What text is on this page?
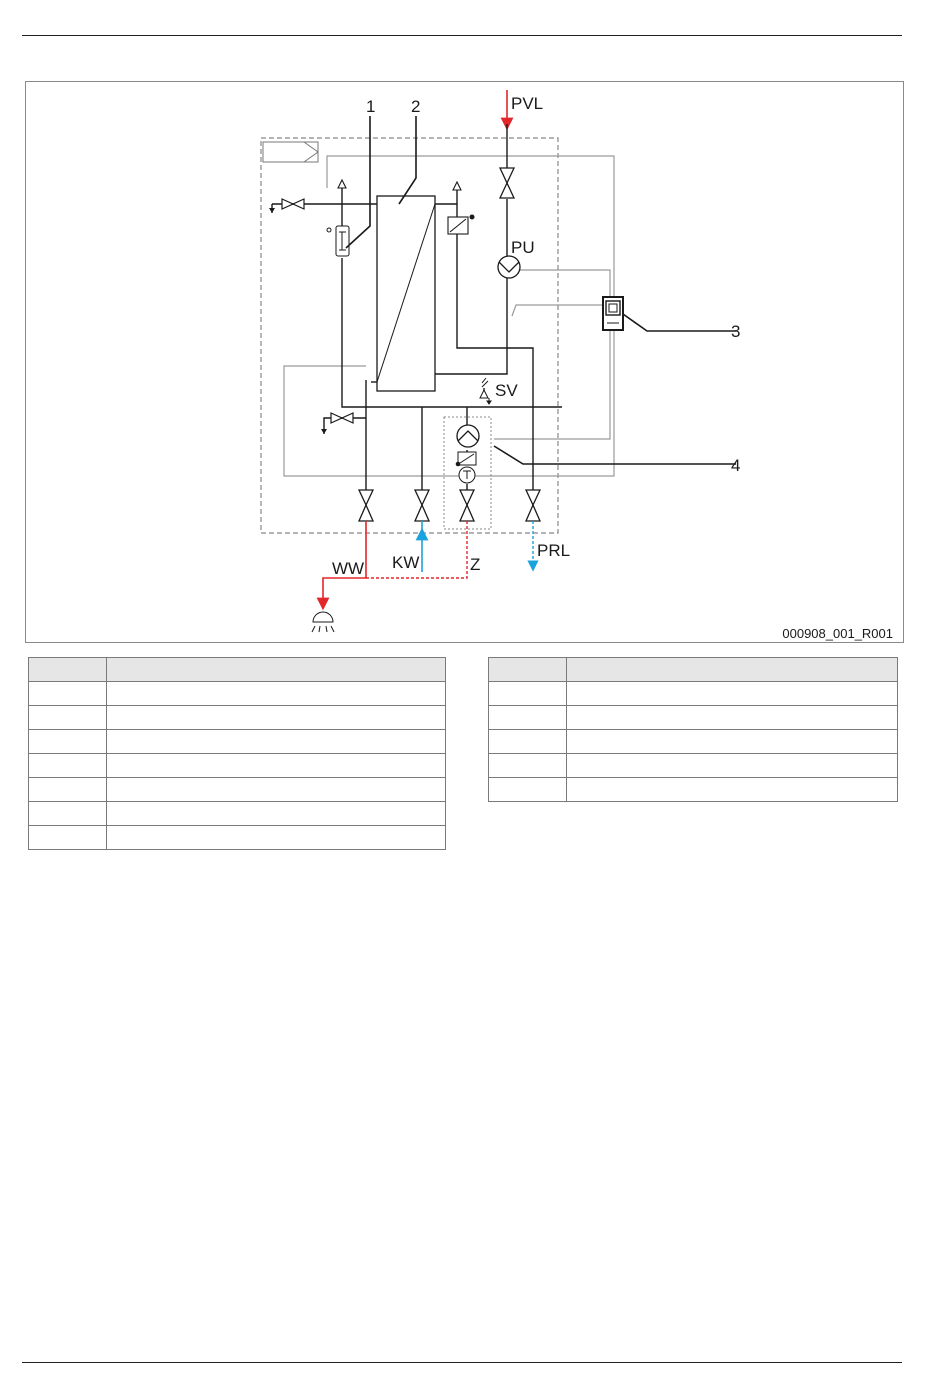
1 2
3
4
PVL
PU
SV
WW KW	Z
PRL
000908_001_R001
